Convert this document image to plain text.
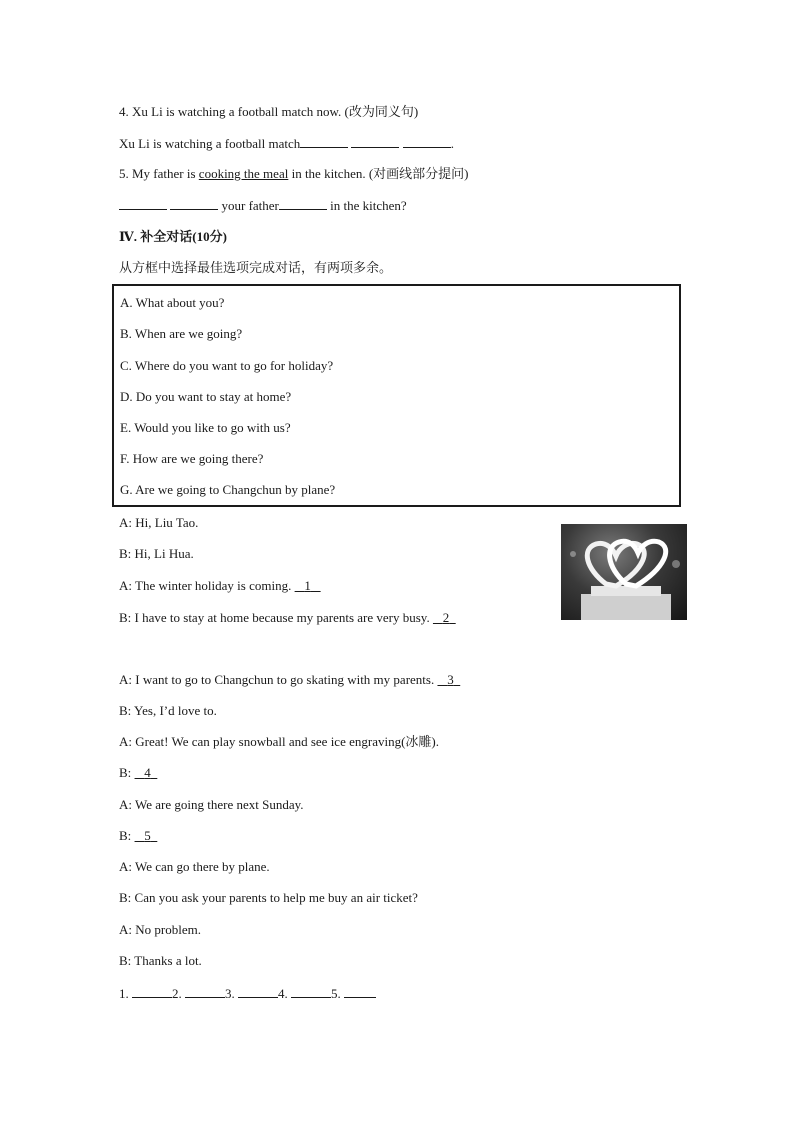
4. Xu Li is watching a football match now. (改为同义句)
Xu Li is watching a football match	.
5. My father is cooking the meal in the kitchen. (对画线部分提问)
your father	in the kitchen?
Ⅳ. 补全对话(10分)
从方框中选择最佳选项完成对话，有两项多余。
A. What about you?
B. When are we going?
C. Where do you want to go for holiday?
D. Do you want to stay at home?
E. Would you like to go with us?
F. How are we going there?
G. Are we going to Changchun by plane?
A: Hi, Liu Tao.
B: Hi, Li Hua.
A: The winter holiday is coming. 1
B: I have to stay at home because my parents are very busy. 2
A: I want to go to Changchun to go skating with my parents. 3
B: Yes, I’d love to.
A: Great! We can play snowball and see ice engraving(冰雕).
B: 4
A: We are going there next Sunday.
B: 5
A: We can go there by plane.
B: Can you ask your parents to help me buy an air ticket?
A: No problem.
B: Thanks a lot.
1.	2.	3.	4.	5.
